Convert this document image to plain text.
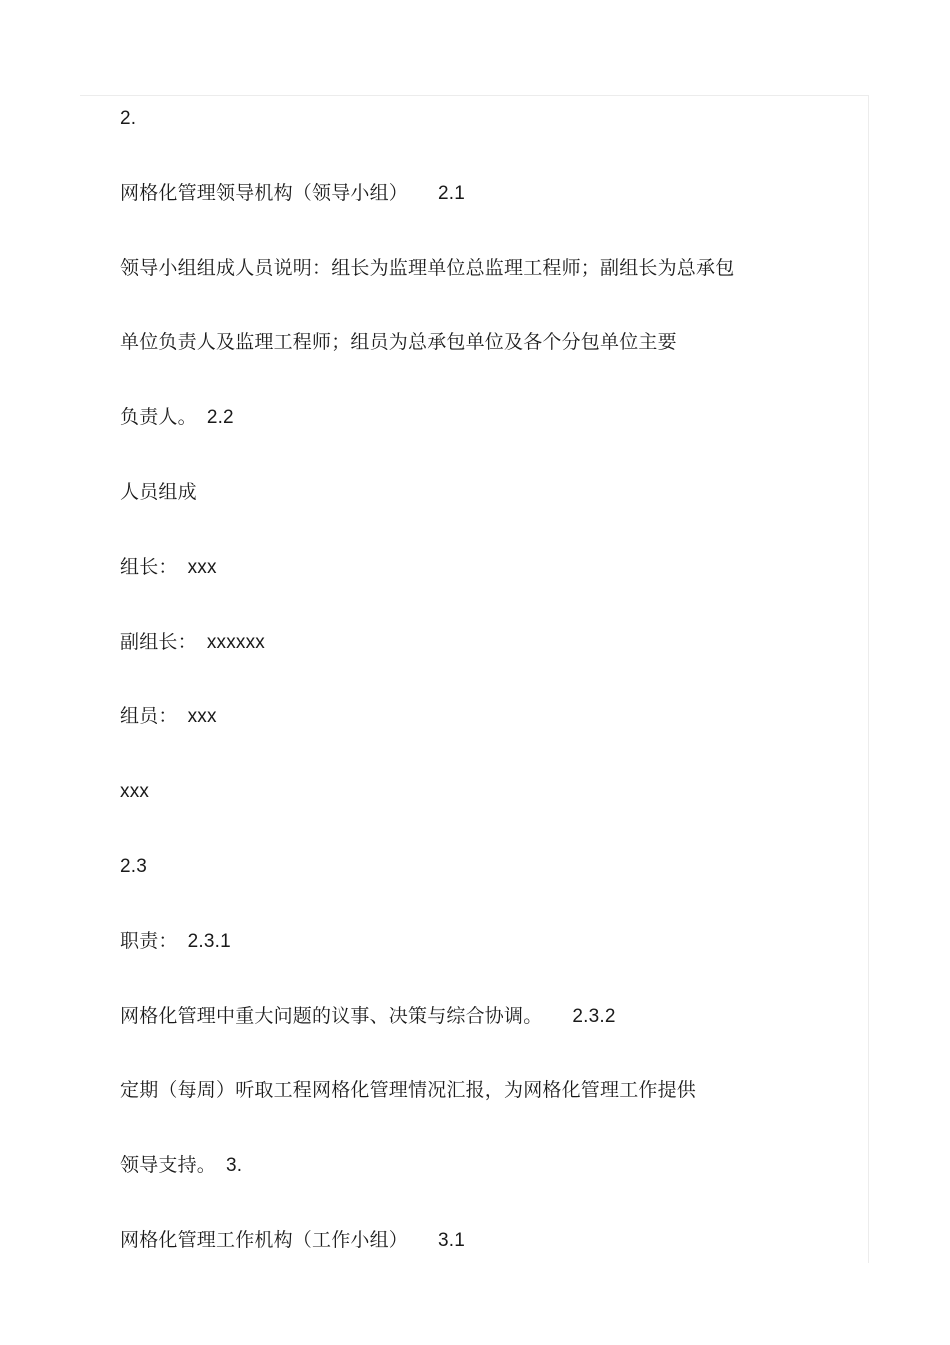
2.
网格化管理领导机构（领导小组） 2.1
领导小组组成人员说明：组长为监理单位总监理工程师；副组长为总承包
单位负责人及监理工程师；组员为总承包单位及各个分包单位主要
负责人。 2.2
人员组成
组长： xxx
副组长： xxxxxx
组员： xxx
xxx
2.3
职责： 2.3.1
网格化管理中重大问题的议事、决策与综合协调。 2.3.2
定期（每周）听取工程网格化管理情况汇报，为网格化管理工作提供
领导支持。 3.
网格化管理工作机构（工作小组） 3.1
